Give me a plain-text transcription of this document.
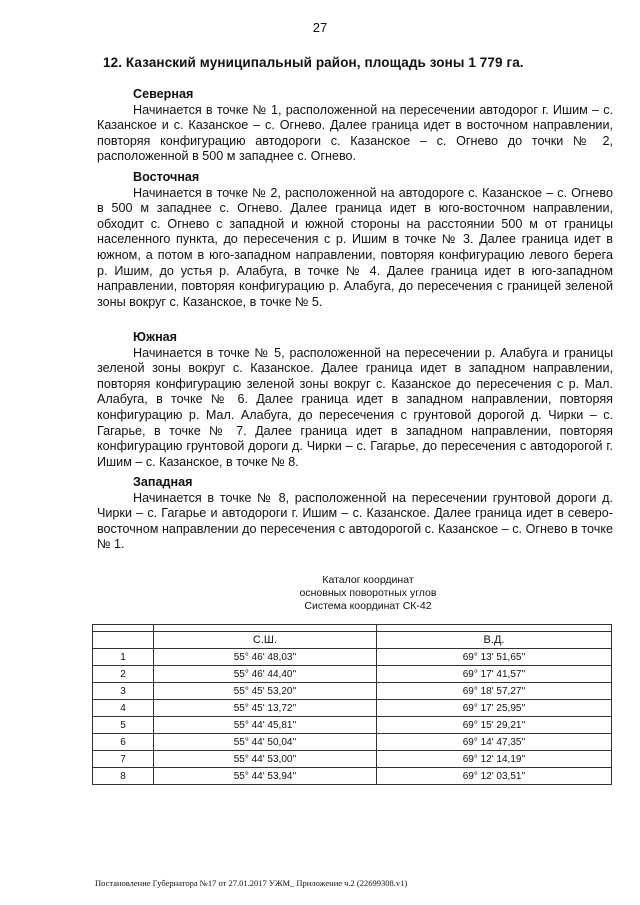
27
12. Казанский муниципальный район, площадь зоны 1 779 га.
Северная

Начинается в точке № 1, расположенной на пересечении автодорог г. Ишим – с. Казанское и с. Казанское – с. Огнево. Далее граница идет в восточном направлении, повторяя конфигурацию автодороги с. Казанское – с. Огнево до точки № 2, расположенной в 500 м западнее с. Огнево.

Восточная

Начинается в точке № 2, расположенной на автодороге с. Казанское – с. Огнево в 500 м западнее с. Огнево. Далее граница идет в юго-восточном направлении, обходит с. Огнево с западной и южной стороны на расстоянии 500 м от границы населенного пункта, до пересечения с р. Ишим в точке № 3. Далее граница идет в южном, а потом в юго-западном направлении, повторяя конфигурацию левого берега р. Ишим, до устья р. Алабуга, в точке № 4. Далее граница идет в юго-западном направлении, повторяя конфигурацию р. Алабуга, до пересечения с границей зеленой зоны вокруг с. Казанское, в точке № 5.

Южная

Начинается в точке № 5, расположенной на пересечении р. Алабуга и границы зеленой зоны вокруг с. Казанское. Далее граница идет в западном направлении, повторяя конфигурацию зеленой зоны вокруг с. Казанское до пересечения с р. Мал. Алабуга, в точке № 6. Далее граница идет в западном направлении, повторяя конфигурацию р. Мал. Алабуга, до пересечения с грунтовой дорогой д. Чирки – с. Гагарье, в точке № 7. Далее граница идет в западном направлении, повторяя конфигурацию грунтовой дороги д. Чирки – с. Гагарье, до пересечения с автодорогой г. Ишим – с. Казанское, в точке № 8.

Западная

Начинается в точке № 8, расположенной на пересечении грунтовой дороги д. Чирки – с. Гагарье и автодороги г. Ишим – с. Казанское. Далее граница идет в северо-восточном направлении до пересечения с автодорогой с. Казанское – с. Огнево в точке № 1.

Каталог координат
основных поворотных углов
Система координат СК-42

	С.Ш.	В.Д.
1	55° 46' 48,03''	69° 13' 51,65''
2	55° 46' 44,40''	69° 17' 41,57''
3	55° 45' 53,20''	69° 18' 57,27''
4	55° 45' 13,72''	69° 17' 25,95''
5	55° 44' 45,81''	69° 15' 29,21''
6	55° 44' 50,04''	69° 14' 47,35''
7	55° 44' 53,00''	69° 12' 14,19''
8	55° 44' 53,94''	69° 12' 03,51''
Постановление Губернатора №17 от 27.01.2017 УЖМ_ Приложение ч.2 (22699308.v1)
